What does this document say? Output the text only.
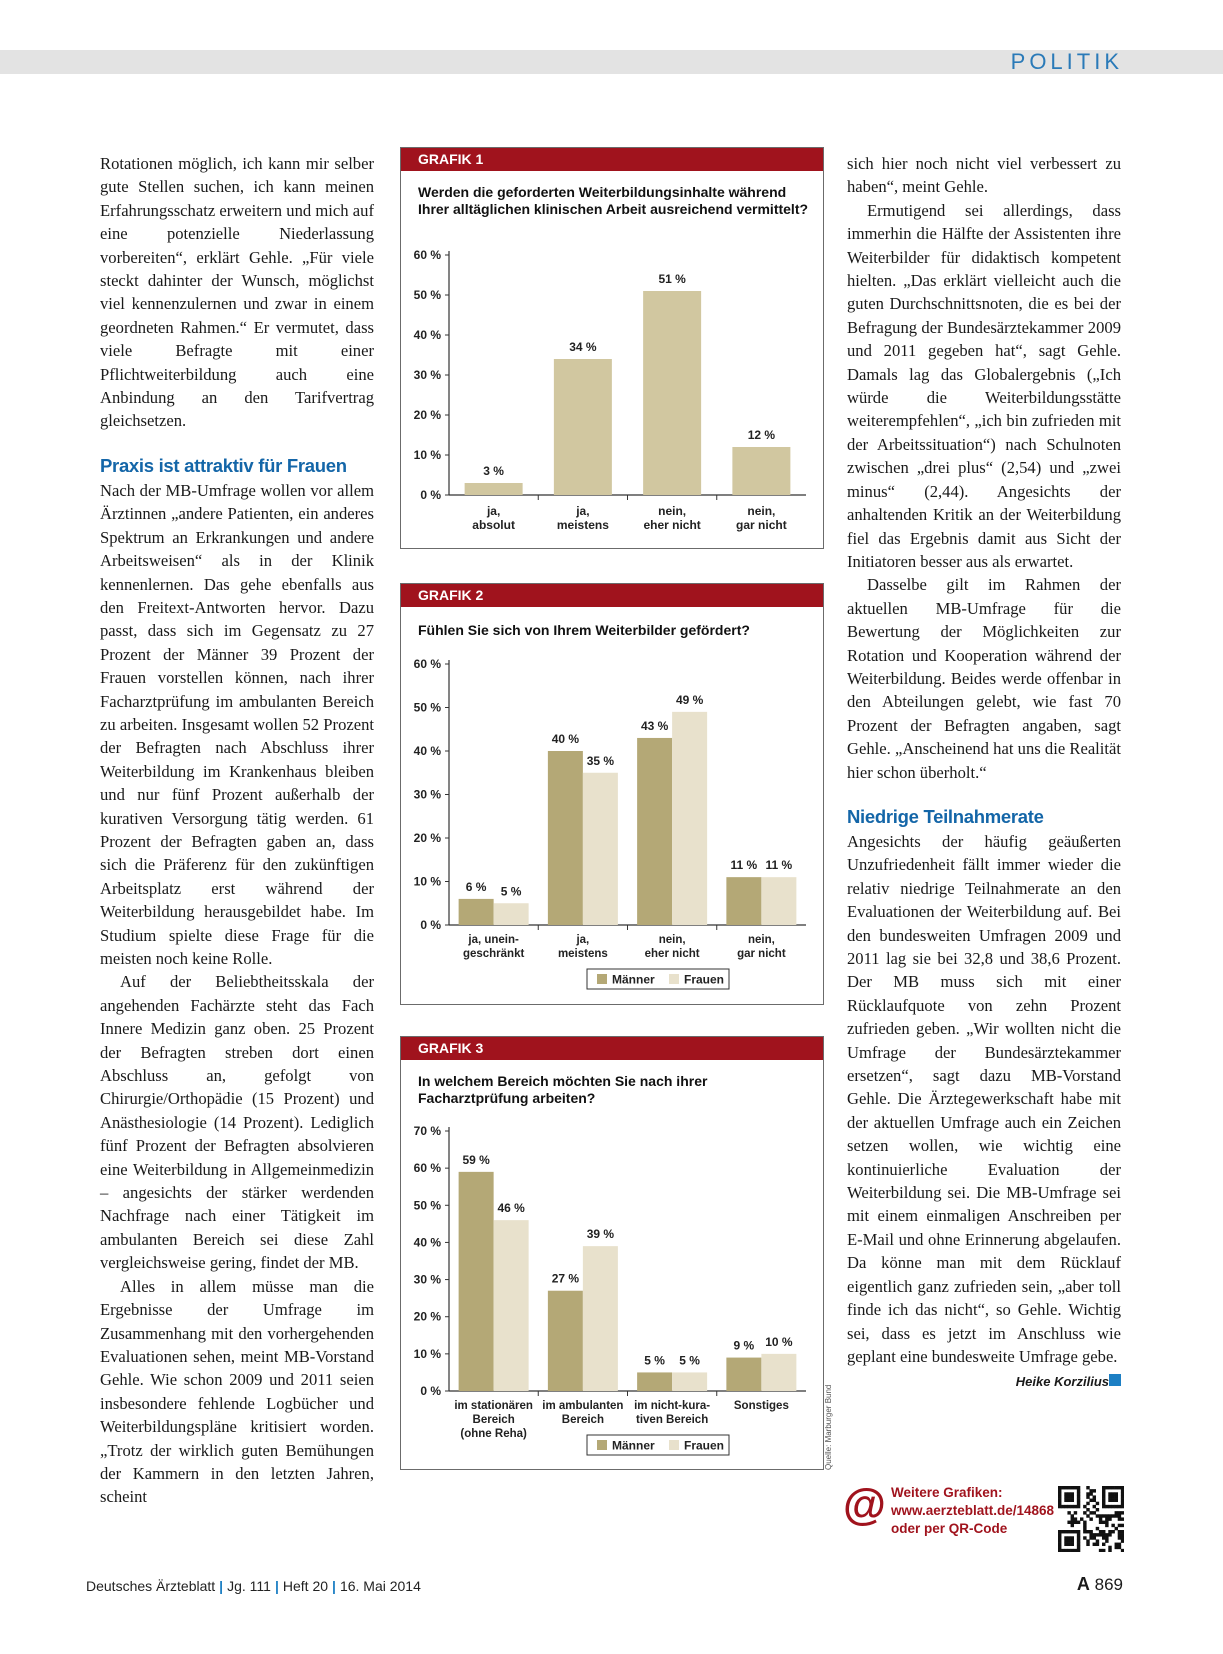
POLITIK

Rotationen möglich, ich kann mir selber gute Stellen suchen, ich kann meinen Erfahrungsschatz erweitern und mich auf eine potenzielle Niederlassung vorbereiten“, erklärt Gehle. „Für viele steckt dahinter der Wunsch, möglichst viel kennenzulernen und zwar in einem geordneten Rahmen.“ Er vermutet, dass viele Befragte mit einer Pflichtweiterbildung auch eine Anbindung an den Tarifvertrag gleichsetzen.

Praxis ist attraktiv für Frauen

Nach der MB-Umfrage wollen vor allem Ärztinnen „andere Patienten, ein anderes Spektrum an Erkrankungen und andere Arbeitsweisen“ als in der Klinik kennenlernen. Das gehe ebenfalls aus den Freitext-Antworten hervor. Dazu passt, dass sich im Gegensatz zu 27 Prozent der Männer 39 Prozent der Frauen vorstellen können, nach ihrer Facharztprüfung im ambulanten Bereich zu arbeiten. Insgesamt wollen 52 Prozent der Befragten nach Abschluss ihrer Weiterbildung im Krankenhaus bleiben und nur fünf Prozent außerhalb der kurativen Versorgung tätig werden. 61 Prozent der Befragten gaben an, dass sich die Präferenz für den zukünftigen Arbeitsplatz erst während der Weiterbildung herausgebildet habe. Im Studium spielte diese Frage für die meisten noch keine Rolle.

Auf der Beliebtheitsskala der angehenden Fachärzte steht das Fach Innere Medizin ganz oben. 25 Prozent der Befragten streben dort einen Abschluss an, gefolgt von Chirurgie/Orthopädie (15 Prozent) und Anästhesiologie (14 Prozent). Lediglich fünf Prozent der Befragten absolvieren eine Weiterbildung in Allgemeinmedizin – angesichts der stärker werdenden Nachfrage nach einer Tätigkeit im ambulanten Bereich sei diese Zahl vergleichsweise gering, findet der MB.

Alles in allem müsse man die Ergebnisse der Umfrage im Zusammenhang mit den vorhergehenden Evaluationen sehen, meint MB-Vorstand Gehle. Wie schon 2009 und 2011 seien insbesondere fehlende Logbücher und Weiterbildungspläne kritisiert worden. „Trotz der wirklich guten Bemühungen der Kammern in den letzten Jahren, scheint

sich hier noch nicht viel verbessert zu haben“, meint Gehle.

Ermutigend sei allerdings, dass immerhin die Hälfte der Assistenten ihre Weiterbilder für didaktisch kompetent hielten. „Das erklärt vielleicht auch die guten Durchschnittsnoten, die es bei der Befragung der Bundesärztekammer 2009 und 2011 gegeben hat“, sagt Gehle. Damals lag das Globalergebnis („Ich würde die Weiterbildungsstätte weiterempfehlen“, „ich bin zufrieden mit der Arbeitssituation“) nach Schulnoten zwischen „drei plus“ (2,54) und „zwei minus“ (2,44). Angesichts der anhaltenden Kritik an der Weiterbildung fiel das Ergebnis damit aus Sicht der Initiatoren besser aus als erwartet.

Dasselbe gilt im Rahmen der aktuellen MB-Umfrage für die Bewertung der Möglichkeiten zur Rotation und Kooperation während der Weiterbildung. Beides werde offenbar in den Abteilungen gelebt, wie fast 70 Prozent der Befragten angaben, sagt Gehle. „Anscheinend hat uns die Realität hier schon überholt.“

Niedrige Teilnahmerate

Angesichts der häufig geäußerten Unzufriedenheit fällt immer wieder die relativ niedrige Teilnahmerate an den Evaluationen der Weiterbildung auf. Bei den bundesweiten Umfragen 2009 und 2011 lag sie bei 32,8 und 38,6 Prozent. Der MB muss sich mit einer Rücklaufquote von zehn Prozent zufrieden geben. „Wir wollten nicht die Umfrage der Bundesärztekammer ersetzen“, sagt dazu MB-Vorstand Gehle. Die Ärztegewerkschaft habe mit der aktuellen Umfrage auch ein Zeichen setzen wollen, wie wichtig eine kontinuierliche Evaluation der Weiterbildung sei. Die MB-Umfrage sei mit einem einmaligen Anschreiben per E-Mail und ohne Erinnerung abgelaufen. Da könne man mit dem Rücklauf eigentlich ganz zufrieden sein, „aber toll finde ich das nicht“, so Gehle. Wichtig sei, dass es jetzt im Anschluss wie geplant eine bundesweite Umfrage gebe.

Heike Korzilius

GRAFIK 1
Werden die geforderten Weiterbildungsinhalte während Ihrer alltäglichen klinischen Arbeit ausreichend vermittelt?
0 %
10 %
20 %
30 %
40 %
50 %
60 %
3 %
34 %
51 %
12 %
ja,
absolut
ja,
meistens
nein,
eher nicht
nein,
gar nicht
GRAFIK 2
Fühlen Sie sich von Ihrem Weiterbilder gefördert?
0 %
10 %
20 %
30 %
40 %
50 %
60 %
6 %
40 %
43 %
11 %
5 %
35 %
49 %
11 %
ja, unein-
geschränkt
ja,
meistens
nein,
eher nicht
nein,
gar nicht
Männer Frauen
GRAFIK 3
In welchem Bereich möchten Sie nach ihrer Facharztprüfung arbeiten?
0 %
10 %
20 %
30 %
40 %
50 %
60 %
70 %
59 %
27 %
5 %
9 %
46 %
39 %
5 %
10 %
im stationären
Bereich
(ohne Reha)
im ambulanten
Bereich
im nicht-kura-
tiven Bereich
Sonstiges
Männer Frauen	Quelle: Marburger Bund
@ Weitere Grafiken:
www.aerzteblatt.de/14868
oder per QR-Code
Deutsches Ärzteblatt | Jg. 111 | Heft 20 | 16. Mai 2014	A 869
